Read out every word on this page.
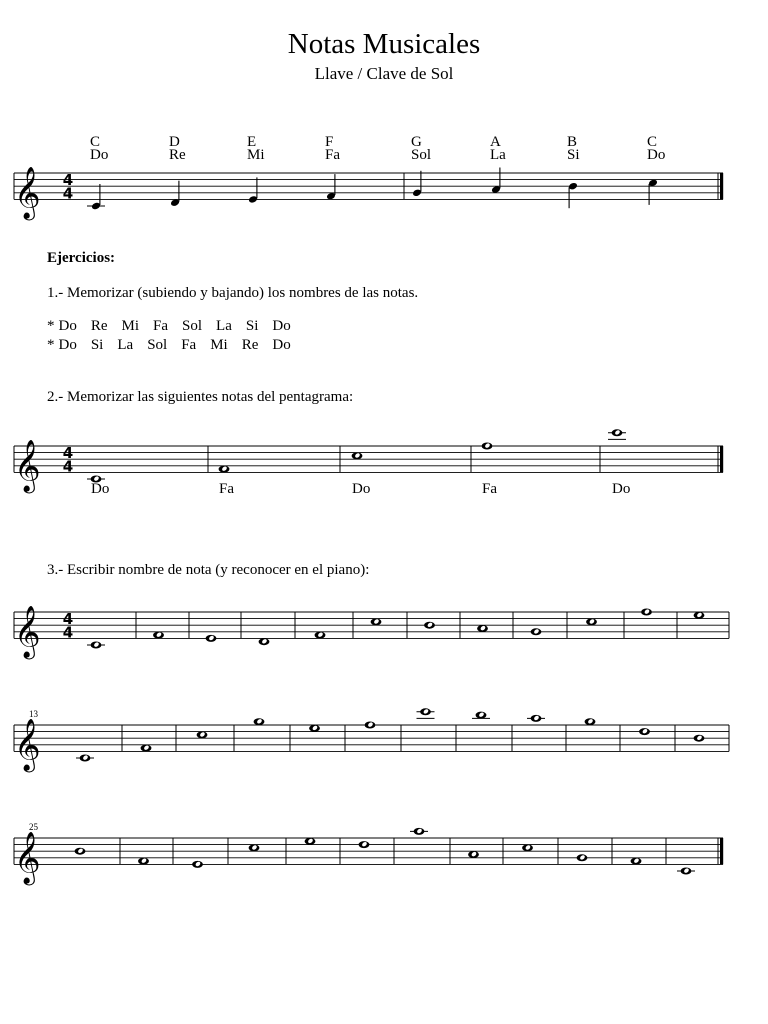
Notas Musicales
Llave / Clave de Sol
Ejercicios:
1.- Memorizar (subiendo y bajando) los nombres de las notas.
* Do Re Mi Fa Sol La Si Do
* Do Si La Sol Fa Mi Re Do
2.- Memorizar las siguientes notas del pentagrama:
3.- Escribir nombre de nota (y reconocer en el piano):
𝄞 4
4
C
Do
D
Re
E
Mi
F
Fa
G
Sol
A
La
B
Si
C
Do
𝄞 4
4
Do	Fa	Do	Fa	Do
𝄞 4
4
𝄞
13
𝄞
25
